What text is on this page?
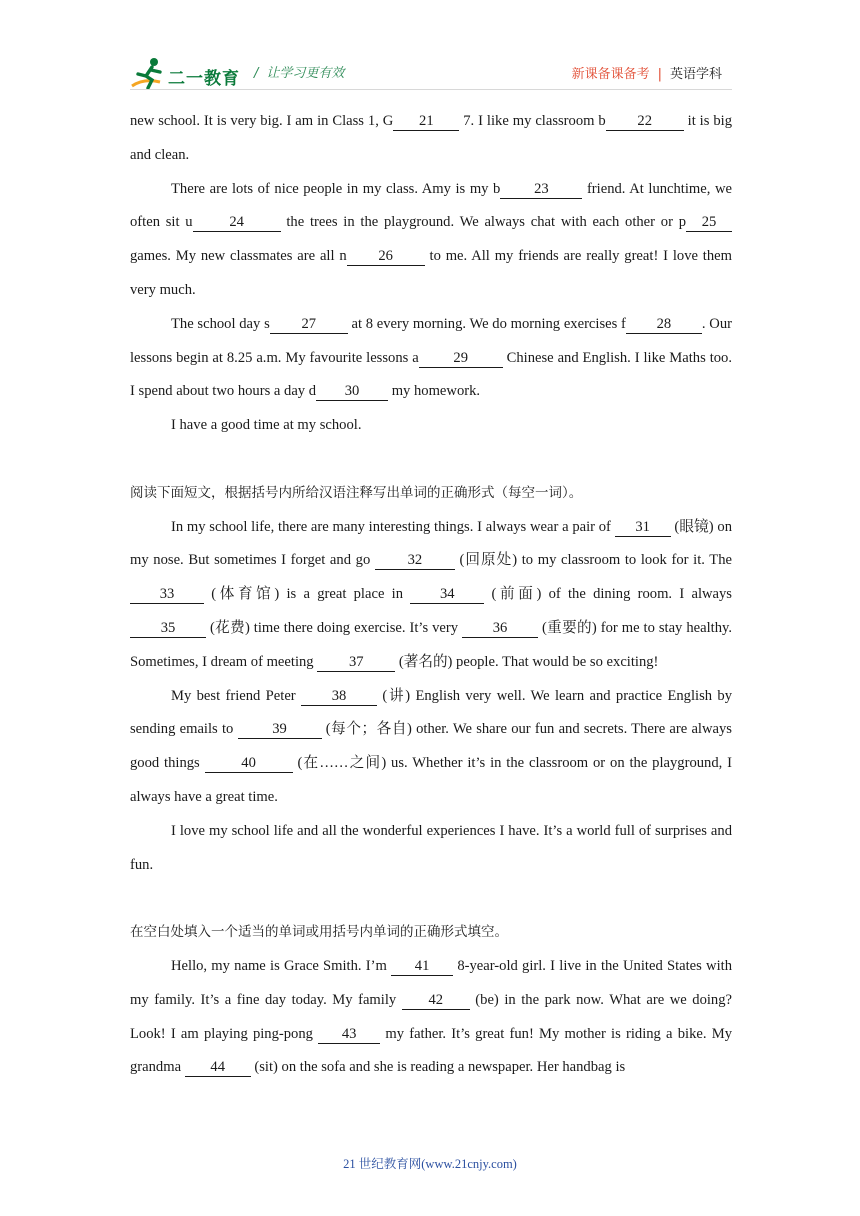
二一教育 / 让学习更有效	新课备课备考 | 英语学科

new school. It is very big. I am in Class 1, G 21 7. I like my classroom b 22 it is big and clean.

There are lots of nice people in my class. Amy is my b 23 friend. At lunchtime, we often sit u	24	the trees in the playground. We always chat with each other or p 25 games. My new classmates are all n 26 to me. All my friends are really great! I love them very much.

The school day s 27 at 8 every morning. We do morning exercises f 28 . Our lessons begin at 8.25 a.m. My favourite lessons a 29 Chinese and English. I like Maths too. I spend about two hours a day d 30 my homework.

I have a good time at my school.

阅读下面短文，根据括号内所给汉语注释写出单词的正确形式（每空一词）。

In my school life, there are many interesting things. I always wear a pair of 31 (眼镜) on my nose. But sometimes I forget and go 32 (回原处) to my classroom to look for it. The 33 (体育馆) is a great place in 34 (前面) of the dining room. I always 35 (花费) time there doing exercise. It’s very 36 (重要的) for me to stay healthy. Sometimes, I dream of meeting 37 (著名的) people. That would be so exciting!

My best friend Peter 38 (讲) English very well. We learn and practice English by sending emails to 39 (每个；各自) other. We share our fun and secrets. There are always good things	40	(在……之间) us. Whether it’s in the classroom or on the playground, I always have a great time.

I love my school life and all the wonderful experiences I have. It’s a world full of surprises and fun.

在空白处填入一个适当的单词或用括号内单词的正确形式填空。

Hello, my name is Grace Smith. I’m 41 8-year-old girl. I live in the United States with my family. It’s a fine day today. My family 42 (be) in the park now. What are we doing? Look! I am playing ping-pong 43 my father. It’s great fun! My mother is riding a bike. My grandma 44 (sit) on the sofa and she is reading a newspaper. Her handbag is

21 世纪教育网(www.21cnjy.com)
